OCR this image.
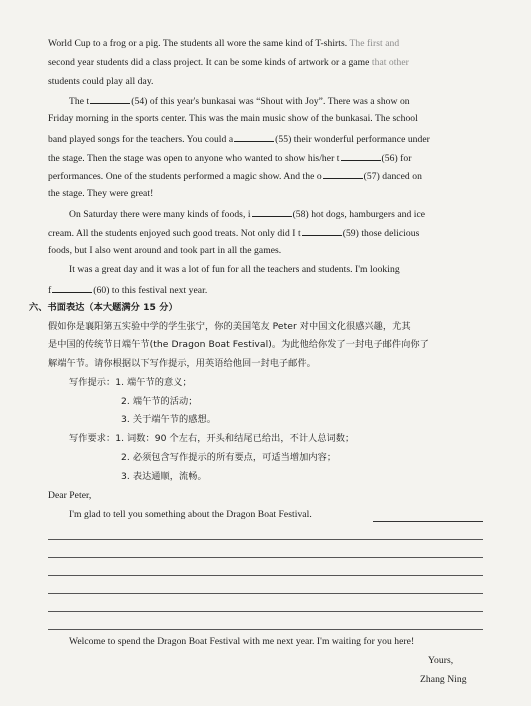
World Cup to a frog or a pig. The students all wore the same kind of T-shirts. The first and
second year students did a class project. It can be some kinds of artwork or a game that other
students could play all day.
The t	(54) of this year's bunkasai was “Shout with Joy”. There was a show on
Friday morning in the sports center. This was the main music show of the bunkasai. The school
band played songs for the teachers. You could a	(55) their wonderful performance under
the stage. Then the stage was open to anyone who wanted to show his/her t	(56) for
performances. One of the students performed a magic show. And the o	(57) danced on
the stage. They were great!
On Saturday there were many kinds of foods, i	(58) hot dogs, hamburgers and ice
cream. All the students enjoyed such good treats. Not only did I t	(59) those delicious
foods, but I also went around and took part in all the games.
It was a great day and it was a lot of fun for all the teachers and students. I'm looking
f	(60) to this festival next year.
六、书面表达（本大题满分 15 分）
假如你是襄阳第五实验中学的学生张宁，你的美国笔友 Peter 对中国文化很感兴趣，尤其
是中国的传统节日端午节(the Dragon Boat Festival)。为此他给你发了一封电子邮件向你了
解端午节。请你根据以下写作提示，用英语给他回一封电子邮件。
写作提示：1. 端午节的意义；
2. 端午节的活动；
3. 关于端午节的感想。
写作要求：1. 词数：90 个左右，开头和结尾已给出，不计人总词数；
2. 必须包含写作提示的所有要点，可适当增加内容；
3. 表达通顺，流畅。
Dear Peter,
I'm glad to tell you something about the Dragon Boat Festival.
Welcome to spend the Dragon Boat Festival with me next year. I'm waiting for you here!
Yours,
Zhang Ning
